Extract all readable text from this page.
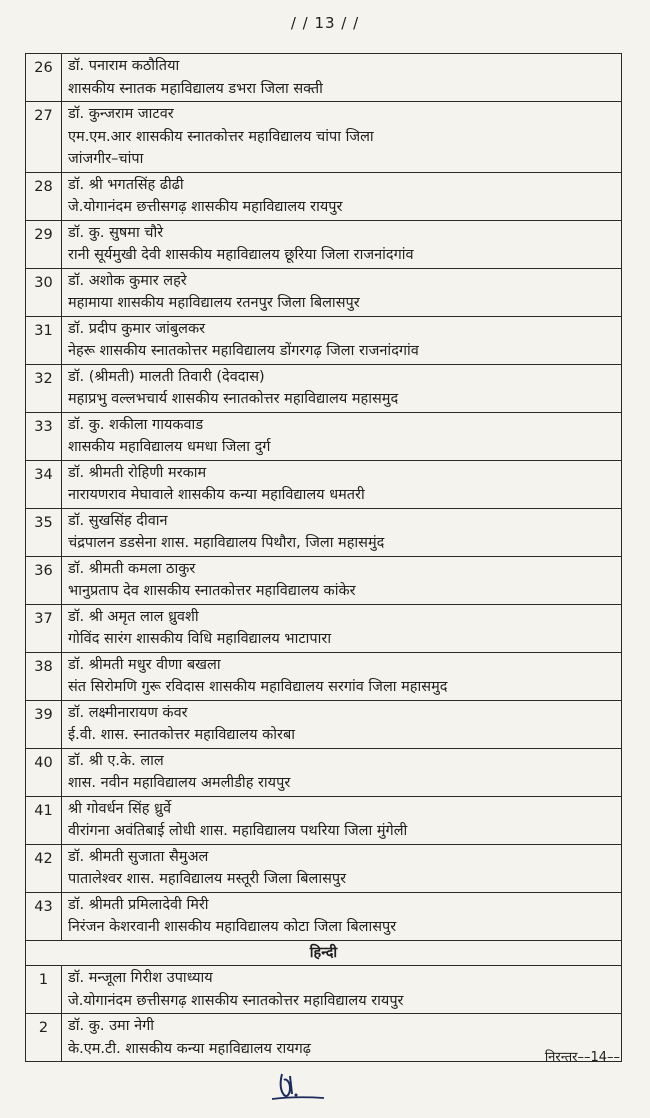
/ / 13 / /
26	डॉ. पनाराम कठौतिया
शासकीय स्नातक महाविद्यालय डभरा जिला सक्ती

27	डॉ. कुन्जराम जाटवर
एम.एम.आर शासकीय स्नातकोत्तर महाविद्यालय चांपा जिला
जांजगीर–चांपा

28	डॉ. श्री भगतसिंह ढीढी
जे.योगानंदम छत्तीसगढ़ शासकीय महाविद्यालय रायपुर

29	डॉ. कु. सुषमा चौरे
रानी सूर्यमुखी देवी शासकीय महाविद्यालय छूरिया जिला राजनांदगांव

30	डॉ. अशोक कुमार लहरे
महामाया शासकीय महाविद्यालय रतनपुर जिला बिलासपुर

31	डॉ. प्रदीप कुमार जांबुलकर
नेहरू शासकीय स्नातकोत्तर महाविद्यालय डोंगरगढ़ जिला राजनांदगांव

32	डॉ. (श्रीमती) मालती तिवारी (देवदास)
महाप्रभु वल्लभचार्य शासकीय स्नातकोत्तर महाविद्यालय महासमुद

33	डॉ. कु. शकीला गायकवाड
शासकीय महाविद्यालय धमधा जिला दुर्ग

34	डॉ. श्रीमती रोहिणी मरकाम
नारायणराव मेघावाले शासकीय कन्या महाविद्यालय धमतरी

35	डॉ. सुखसिंह दीवान
चंद्रपालन डडसेना शास. महाविद्यालय पिथौरा, जिला महासमुंद

36	डॉ. श्रीमती कमला ठाकुर
भानुप्रताप देव शासकीय स्नातकोत्तर महाविद्यालय कांकेर

37	डॉ. श्री अमृत लाल ध्रुवशी
गोविंद सारंग शासकीय विधि महाविद्यालय भाटापारा

38	डॉ. श्रीमती मधुर वीणा बखला
संत सिरोमणि गुरू रविदास शासकीय महाविद्यालय सरगांव जिला महासमुद

39	डॉ. लक्ष्मीनारायण कंवर
ई.वी. शास. स्नातकोत्तर महाविद्यालय कोरबा

40	डॉ. श्री ए.के. लाल
शास. नवीन महाविद्यालय अमलीडीह रायपुर

41	श्री गोवर्धन सिंह ध्रुर्वे
वीरांगना अवंतिबाई लोधी शास. महाविद्यालय पथरिया जिला मुंगेली

42	डॉ. श्रीमती सुजाता सैमुअल
पातालेश्वर शास. महाविद्यालय मस्तूरी जिला बिलासपुर

43	डॉ. श्रीमती प्रमिलादेवी मिरी
निरंजन केशरवानी शासकीय महाविद्यालय कोटा जिला बिलासपुर

हिन्दी	
1	डॉ. मन्जूला गिरीश उपाध्याय
जे.योगानंदम छत्तीसगढ़ शासकीय स्नातकोत्तर महाविद्यालय रायपुर

2	डॉ. कु. उमा नेगी
के.एम.टी. शासकीय कन्या महाविद्यालय रायगढ़
निरन्तर––14––
